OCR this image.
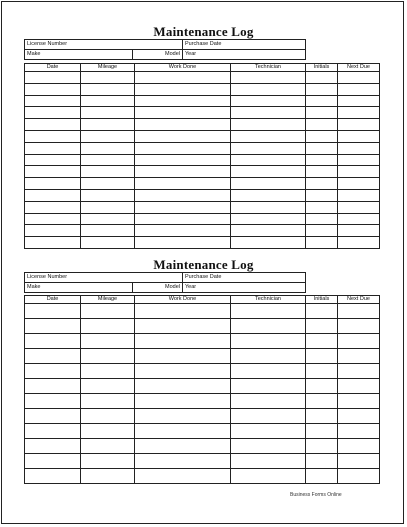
Maintenance Log
License Number		Purchase Date
Make	Model	Year
Date	Mileage	Work Done	Technician	Initials	Next Due

Maintenance Log
License Number		Purchase Date
Make	Model	Year
Date	Mileage	Work Done	Technician	Initials	Next Due

Business Forms Online
